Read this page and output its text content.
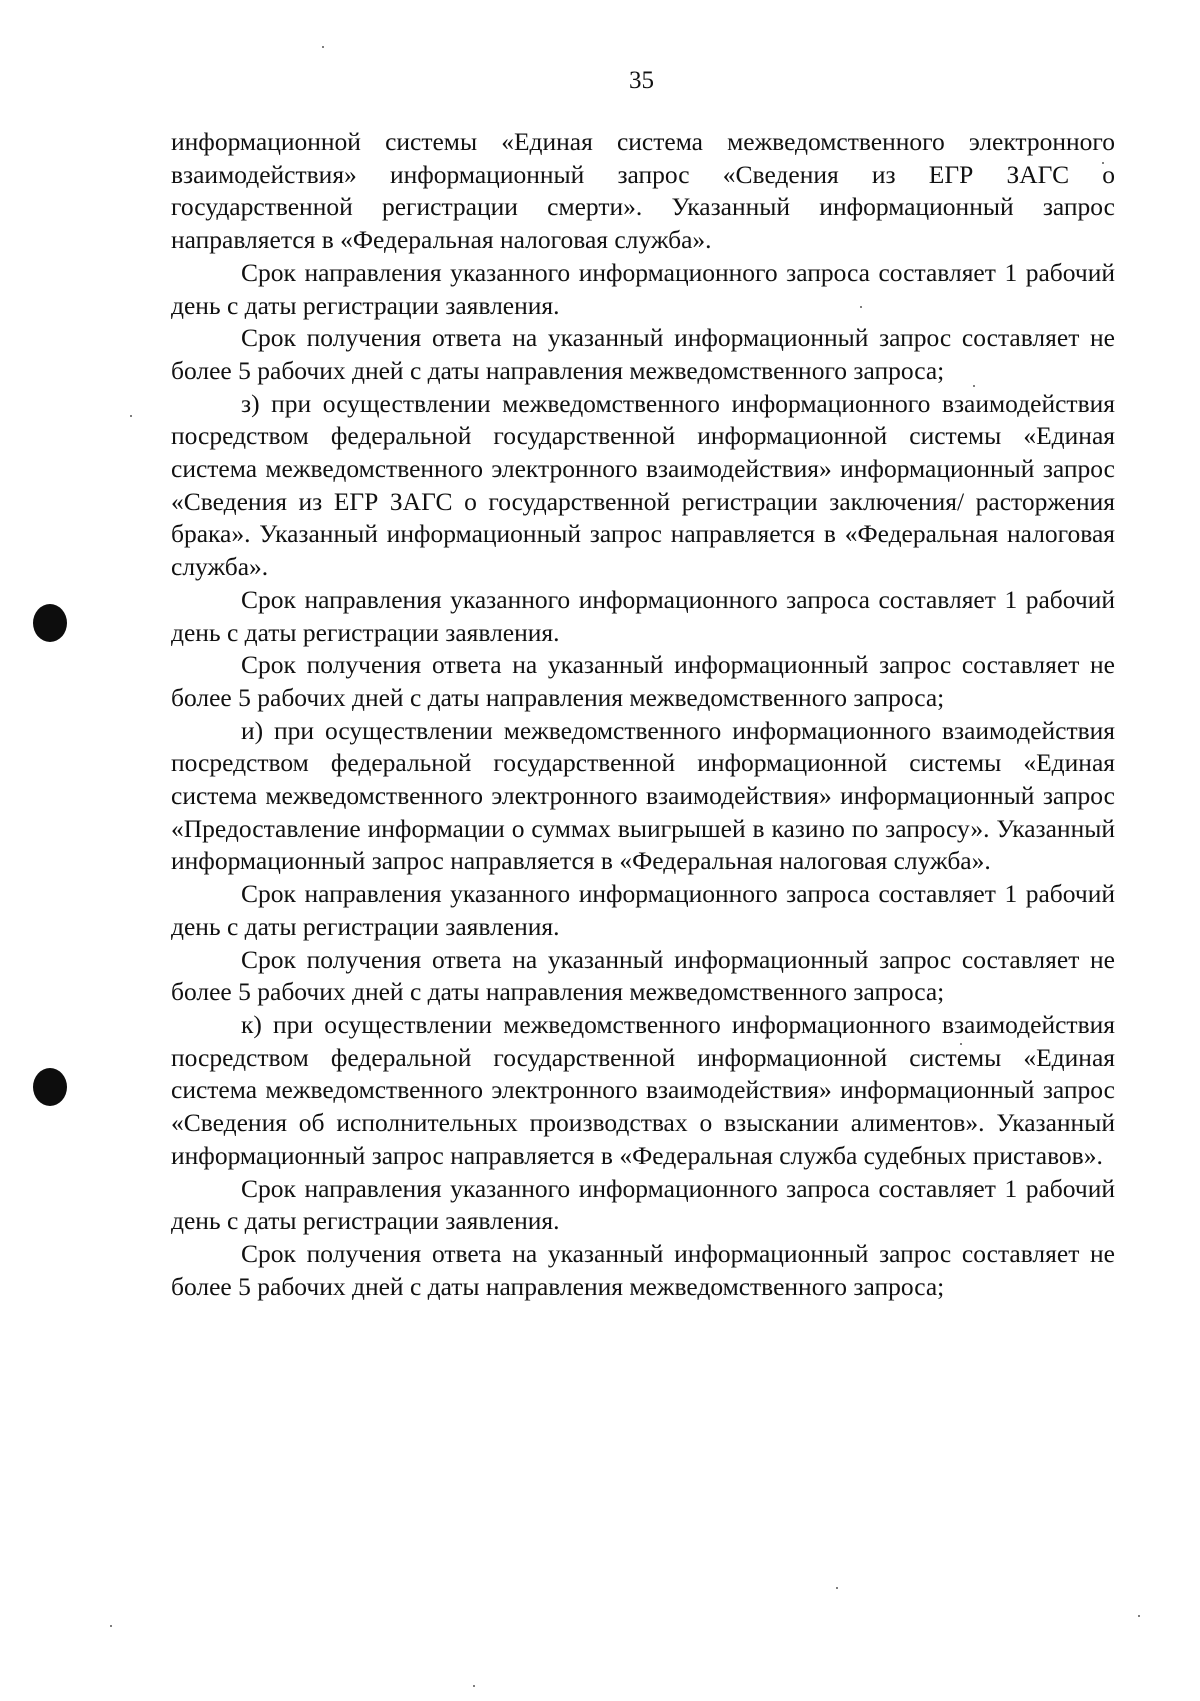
35

информационной системы «Единая система межведомственного электронного взаимодействия» информационный запрос «Сведения из ЕГР ЗАГС о государственной регистрации смерти». Указанный информационный запрос направляется в «Федеральная налоговая служба».

Срок направления указанного информационного запроса составляет 1 рабочий день с даты регистрации заявления.

Срок получения ответа на указанный информационный запрос составляет не более 5 рабочих дней с даты направления межведомственного запроса;

з) при осуществлении межведомственного информационного взаимодействия посредством федеральной государственной информационной системы «Единая система межведомственного электронного взаимодействия» информационный запрос «Сведения из ЕГР ЗАГС о государственной регистрации заключения/ расторжения брака». Указанный информационный запрос направляется в «Федеральная налоговая служба».

Срок направления указанного информационного запроса составляет 1 рабочий день с даты регистрации заявления.

Срок получения ответа на указанный информационный запрос составляет не более 5 рабочих дней с даты направления межведомственного запроса;

и) при осуществлении межведомственного информационного взаимодействия посредством федеральной государственной информационной системы «Единая система межведомственного электронного взаимодействия» информационный запрос «Предоставление информации о суммах выигрышей в казино по запросу». Указанный информационный запрос направляется в «Федеральная налоговая служба».

Срок направления указанного информационного запроса составляет 1 рабочий день с даты регистрации заявления.

Срок получения ответа на указанный информационный запрос составляет не более 5 рабочих дней с даты направления межведомственного запроса;

к) при осуществлении межведомственного информационного взаимодействия посредством федеральной государственной информационной системы «Единая система межведомственного электронного взаимодействия» информационный запрос «Сведения об исполнительных производствах о взыскании алиментов». Указанный информационный запрос направляется в «Федеральная служба судебных приставов».

Срок направления указанного информационного запроса составляет 1 рабочий день с даты регистрации заявления.

Срок получения ответа на указанный информационный запрос составляет не более 5 рабочих дней с даты направления межведомственного запроса;
